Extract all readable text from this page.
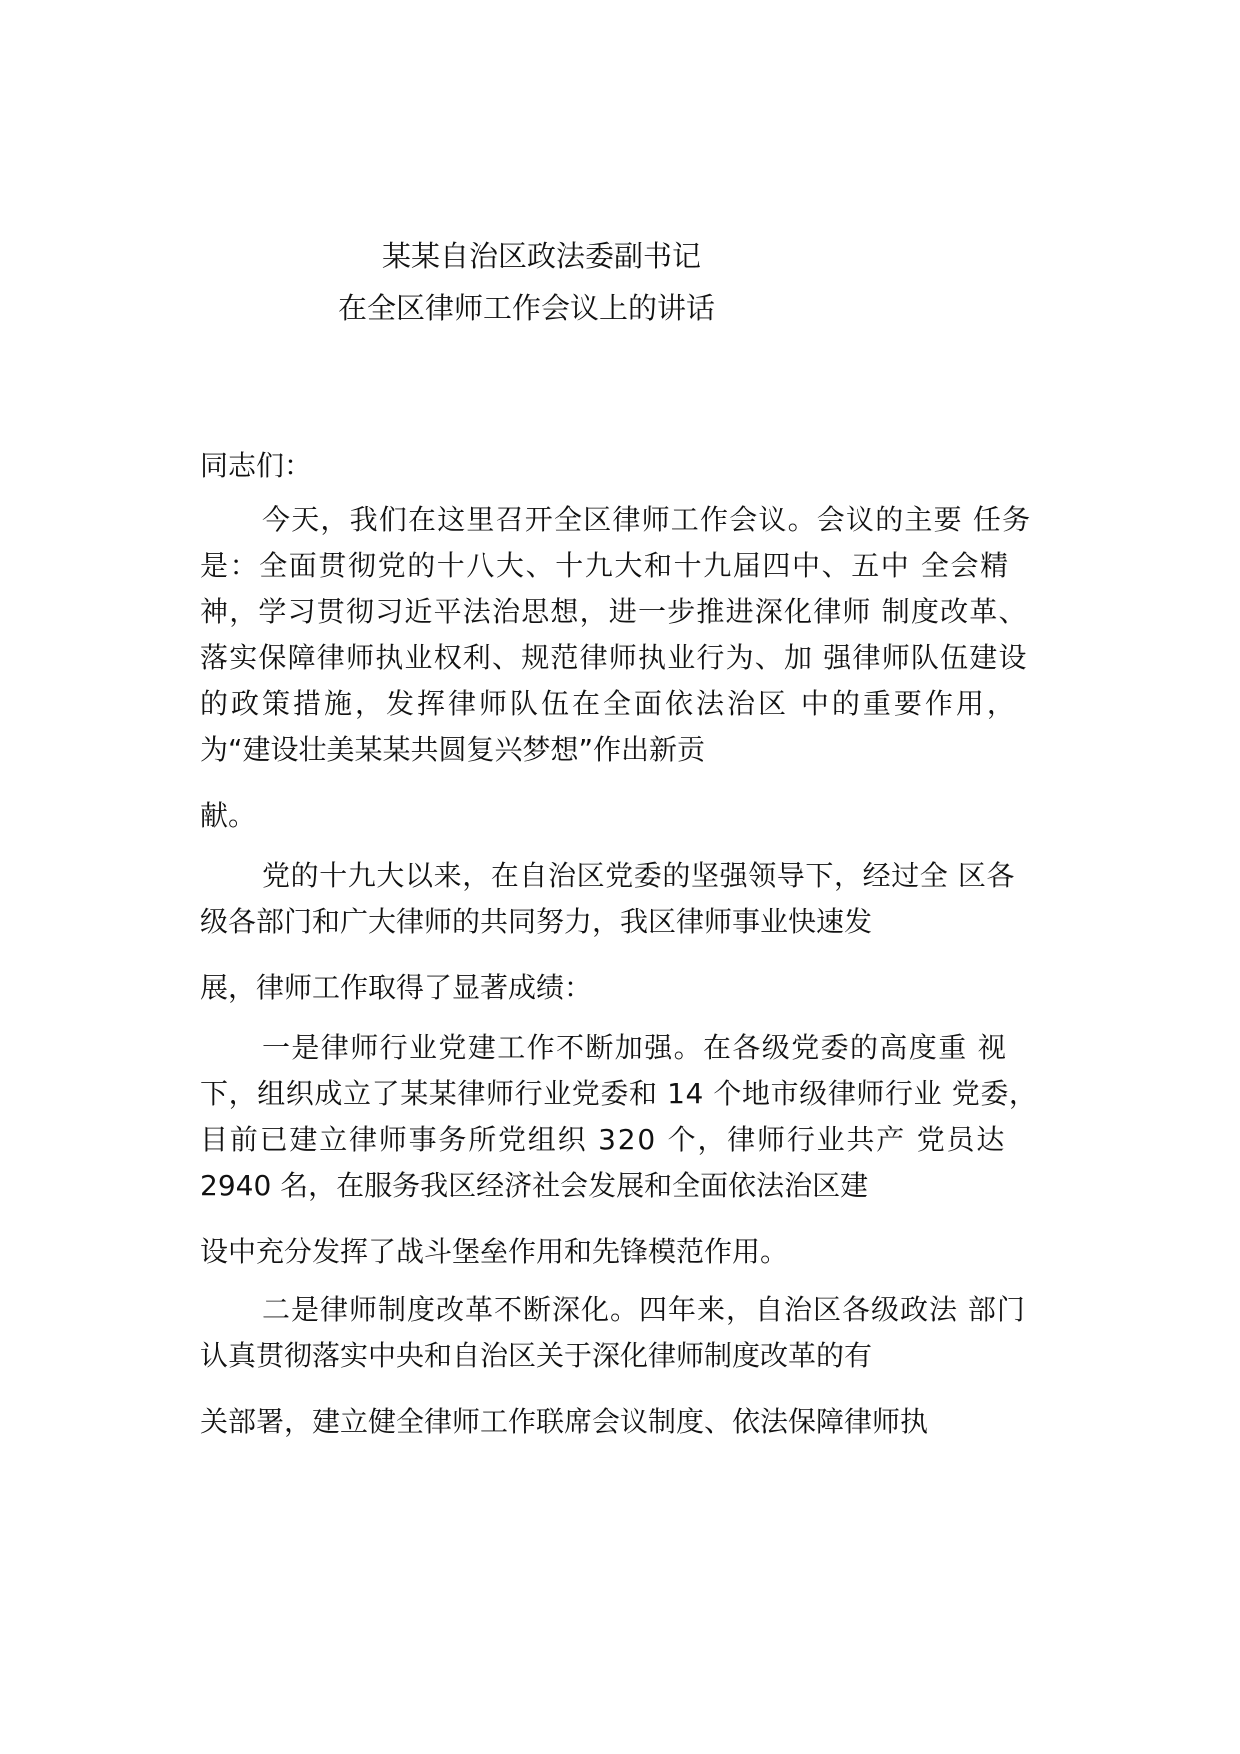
某某自治区政法委副书记
在全区律师工作会议上的讲话
同志们：
今天，我们在这里召开全区律师工作会议。会议的主要 任务
是：全面贯彻党的十八大、十九大和十九届四中、五中 全会精
神，学习贯彻习近平法治思想，进一步推进深化律师 制度改革、
落实保障律师执业权利、规范律师执业行为、加 强律师队伍建设
的政策措施，发挥律师队伍在全面依法治区 中的重要作用，
为“建设壮美某某共圆复兴梦想”作出新贡
献。
党的十九大以来，在自治区党委的坚强领导下，经过全 区各
级各部门和广大律师的共同努力，我区律师事业快速发
展，律师工作取得了显著成绩：
一是律师行业党建工作不断加强。在各级党委的高度重 视
下，组织成立了某某律师行业党委和 14 个地市级律师行业 党委，
目前已建立律师事务所党组织 320 个，律师行业共产 党员达
2940 名，在服务我区经济社会发展和全面依法治区建
设中充分发挥了战斗堡垒作用和先锋模范作用。
二是律师制度改革不断深化。四年来，自治区各级政法 部门
认真贯彻落实中央和自治区关于深化律师制度改革的有
关部署，建立健全律师工作联席会议制度、依法保障律师执
